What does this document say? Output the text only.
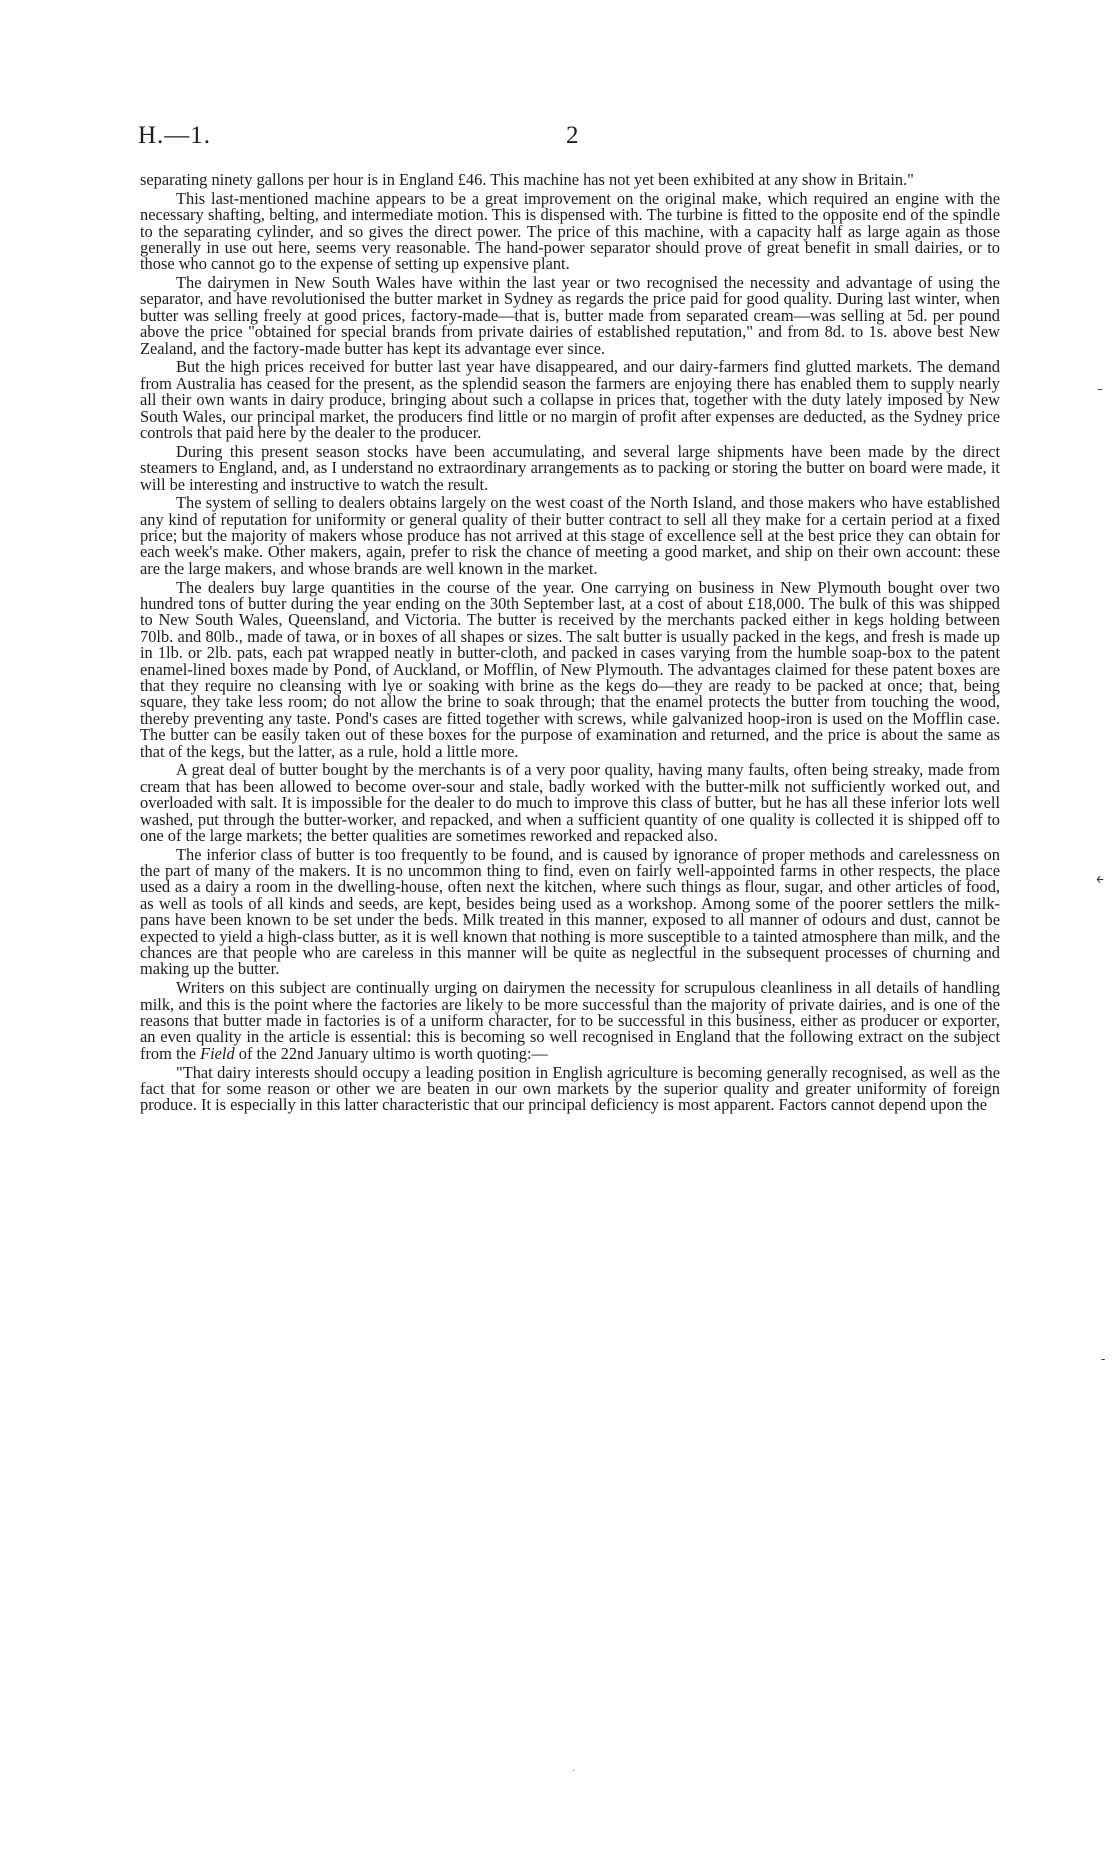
H.—1.	2

separating ninety gallons per hour is in England £46. This machine has not yet been exhibited at any show in Britain."

This last-mentioned machine appears to be a great improvement on the original make, which required an engine with the necessary shafting, belting, and intermediate motion. This is dispensed with. The turbine is fitted to the opposite end of the spindle to the separating cylinder, and so gives the direct power. The price of this machine, with a capacity half as large again as those generally in use out here, seems very reasonable. The hand-power separator should prove of great benefit in small dairies, or to those who cannot go to the expense of setting up expensive plant.

The dairymen in New South Wales have within the last year or two recognised the necessity and advantage of using the separator, and have revolutionised the butter market in Sydney as regards the price paid for good quality. During last winter, when butter was selling freely at good prices, factory-made—that is, butter made from separated cream—was selling at 5d. per pound above the price "obtained for special brands from private dairies of established reputation," and from 8d. to 1s. above best New Zealand, and the factory-made butter has kept its advantage ever since.

But the high prices received for butter last year have disappeared, and our dairy-farmers find glutted markets. The demand from Australia has ceased for the present, as the splendid season the farmers are enjoying there has enabled them to supply nearly all their own wants in dairy produce, bringing about such a collapse in prices that, together with the duty lately imposed by New South Wales, our principal market, the producers find little or no margin of profit after expenses are deducted, as the Sydney price controls that paid here by the dealer to the producer.

During this present season stocks have been accumulating, and several large shipments have been made by the direct steamers to England, and, as I understand no extraordinary arrangements as to packing or storing the butter on board were made, it will be interesting and instructive to watch the result.

The system of selling to dealers obtains largely on the west coast of the North Island, and those makers who have established any kind of reputation for uniformity or general quality of their butter contract to sell all they make for a certain period at a fixed price; but the majority of makers whose produce has not arrived at this stage of excellence sell at the best price they can obtain for each week's make. Other makers, again, prefer to risk the chance of meeting a good market, and ship on their own account: these are the large makers, and whose brands are well known in the market.

The dealers buy large quantities in the course of the year. One carrying on business in New Plymouth bought over two hundred tons of butter during the year ending on the 30th September last, at a cost of about £18,000. The bulk of this was shipped to New South Wales, Queensland, and Victoria. The butter is received by the merchants packed either in kegs holding between 70lb. and 80lb., made of tawa, or in boxes of all shapes or sizes. The salt butter is usually packed in the kegs, and fresh is made up in 1lb. or 2lb. pats, each pat wrapped neatly in butter-cloth, and packed in cases varying from the humble soap-box to the patent enamel-lined boxes made by Pond, of Auckland, or Mofflin, of New Plymouth. The advantages claimed for these patent boxes are that they require no cleansing with lye or soaking with brine as the kegs do—they are ready to be packed at once; that, being square, they take less room; do not allow the brine to soak through; that the enamel protects the butter from touching the wood, thereby preventing any taste. Pond's cases are fitted together with screws, while galvanized hoop-iron is used on the Mofflin case. The butter can be easily taken out of these boxes for the purpose of examination and returned, and the price is about the same as that of the kegs, but the latter, as a rule, hold a little more.

A great deal of butter bought by the merchants is of a very poor quality, having many faults, often being streaky, made from cream that has been allowed to become over-sour and stale, badly worked with the butter-milk not sufficiently worked out, and overloaded with salt. It is impossible for the dealer to do much to improve this class of butter, but he has all these inferior lots well washed, put through the butter-worker, and repacked, and when a sufficient quantity of one quality is collected it is shipped off to one of the large markets; the better qualities are sometimes reworked and repacked also.

The inferior class of butter is too frequently to be found, and is caused by ignorance of proper methods and carelessness on the part of many of the makers. It is no uncommon thing to find, even on fairly well-appointed farms in other respects, the place used as a dairy a room in the dwelling-house, often next the kitchen, where such things as flour, sugar, and other articles of food, as well as tools of all kinds and seeds, are kept, besides being used as a workshop. Among some of the poorer settlers the milk-pans have been known to be set under the beds. Milk treated in this manner, exposed to all manner of odours and dust, cannot be expected to yield a high-class butter, as it is well known that nothing is more susceptible to a tainted atmosphere than milk, and the chances are that people who are careless in this manner will be quite as neglectful in the subsequent processes of churning and making up the butter.

Writers on this subject are continually urging on dairymen the necessity for scrupulous cleanliness in all details of handling milk, and this is the point where the factories are likely to be more successful than the majority of private dairies, and is one of the reasons that butter made in factories is of a uniform character, for to be successful in this business, either as producer or exporter, an even quality in the article is essential: this is becoming so well recognised in England that the following extract on the subject from the Field of the 22nd January ultimo is worth quoting:—

"That dairy interests should occupy a leading position in English agriculture is becoming generally recognised, as well as the fact that for some reason or other we are beaten in our own markets by the superior quality and greater uniformity of foreign produce. It is especially in this latter characteristic that our principal deficiency is most apparent. Factors cannot depend upon the

–
˿
-
·
